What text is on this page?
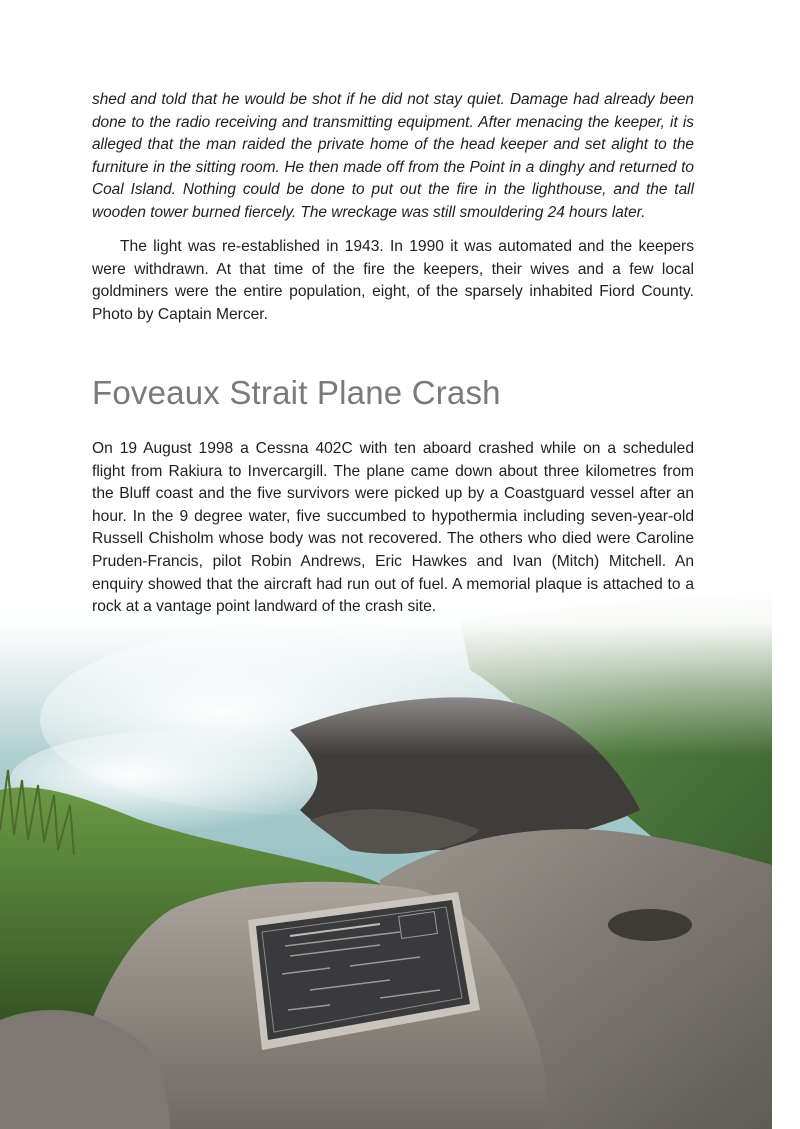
shed and told that he would be shot if he did not stay quiet. Damage had already been done to the radio receiving and transmitting equipment. After menacing the keeper, it is alleged that the man raided the private home of the head keeper and set alight to the furniture in the sitting room. He then made off from the Point in a dinghy and returned to Coal Island. Nothing could be done to put out the fire in the lighthouse, and the tall wooden tower burned fiercely. The wreckage was still smouldering 24 hours later.

The light was re-established in 1943. In 1990 it was automated and the keepers were withdrawn. At that time of the fire the keepers, their wives and a few local goldminers were the entire population, eight, of the sparsely inhabited Fiord County. Photo by Captain Mercer.

Foveaux Strait Plane Crash

On 19 August 1998 a Cessna 402C with ten aboard crashed while on a scheduled flight from Rakiura to Invercargill. The plane came down about three kilometres from the Bluff coast and the five survivors were picked up by a Coastguard vessel after an hour. In the 9 degree water, five succumbed to hypothermia including seven-year-old Russell Chisholm whose body was not recovered. The others who died were Caroline Pruden-Francis, pilot Robin Andrews, Eric Hawkes and Ivan (Mitch) Mitchell. An enquiry showed that the aircraft had run out of fuel. A memorial plaque is attached to a rock at a vantage point landward of the crash site.
